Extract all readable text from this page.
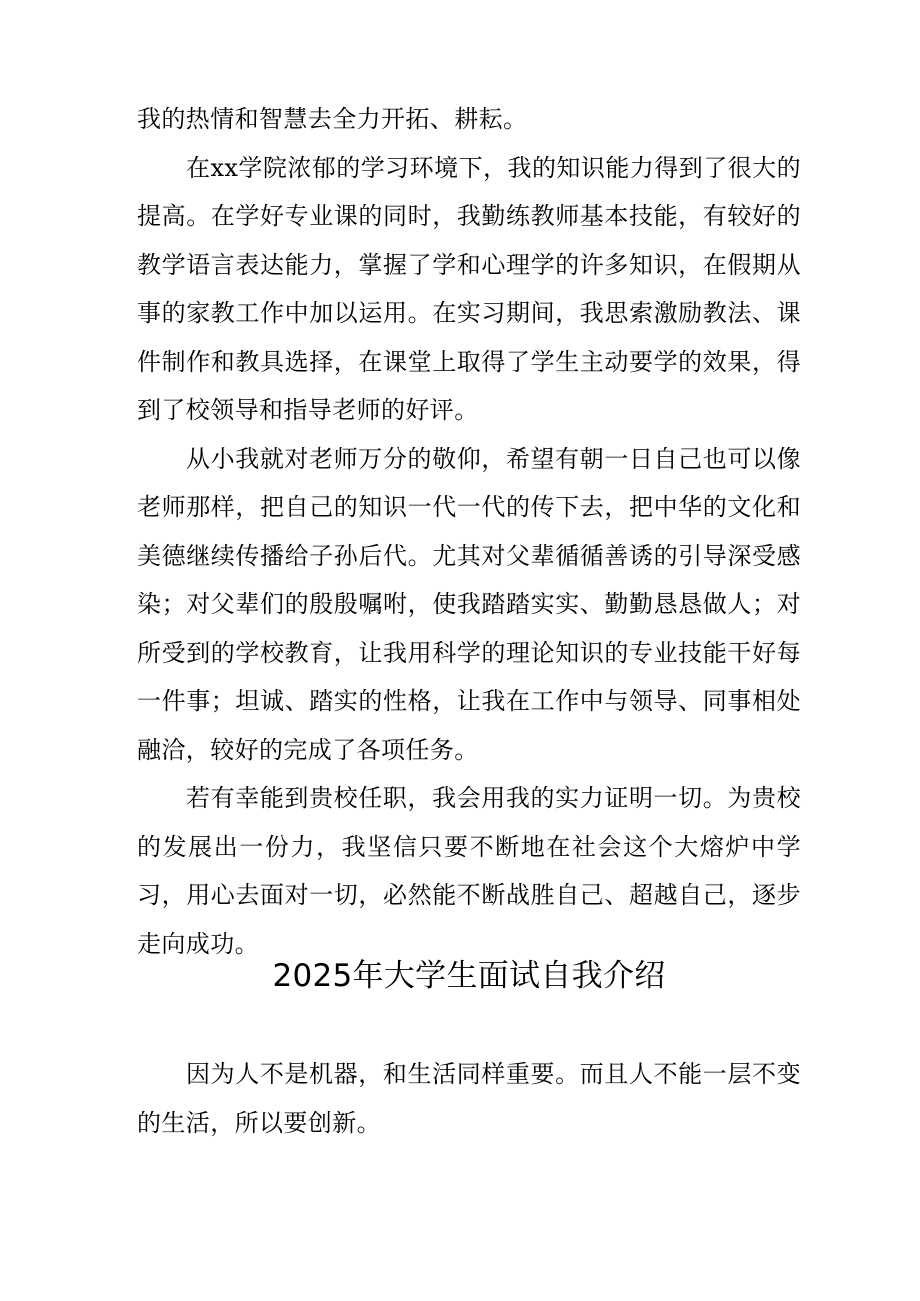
我的热情和智慧去全力开拓、耕耘。

在xx学院浓郁的学习环境下，我的知识能力得到了很大的提高。在学好专业课的同时，我勤练教师基本技能，有较好的教学语言表达能力，掌握了学和心理学的许多知识，在假期从事的家教工作中加以运用。在实习期间，我思索激励教法、课件制作和教具选择，在课堂上取得了学生主动要学的效果，得到了校领导和指导老师的好评。

从小我就对老师万分的敬仰，希望有朝一日自己也可以像老师那样，把自己的知识一代一代的传下去，把中华的文化和美德继续传播给子孙后代。尤其对父辈循循善诱的引导深受感染；对父辈们的殷殷嘱咐，使我踏踏实实、勤勤恳恳做人；对所受到的学校教育，让我用科学的理论知识的专业技能干好每一件事；坦诚、踏实的性格，让我在工作中与领导、同事相处融洽，较好的完成了各项任务。

若有幸能到贵校任职，我会用我的实力证明一切。为贵校的发展出一份力，我坚信只要不断地在社会这个大熔炉中学习，用心去面对一切，必然能不断战胜自己、超越自己，逐步走向成功。

2025年大学生面试自我介绍

因为人不是机器，和生活同样重要。而且人不能一层不变的生活，所以要创新。
